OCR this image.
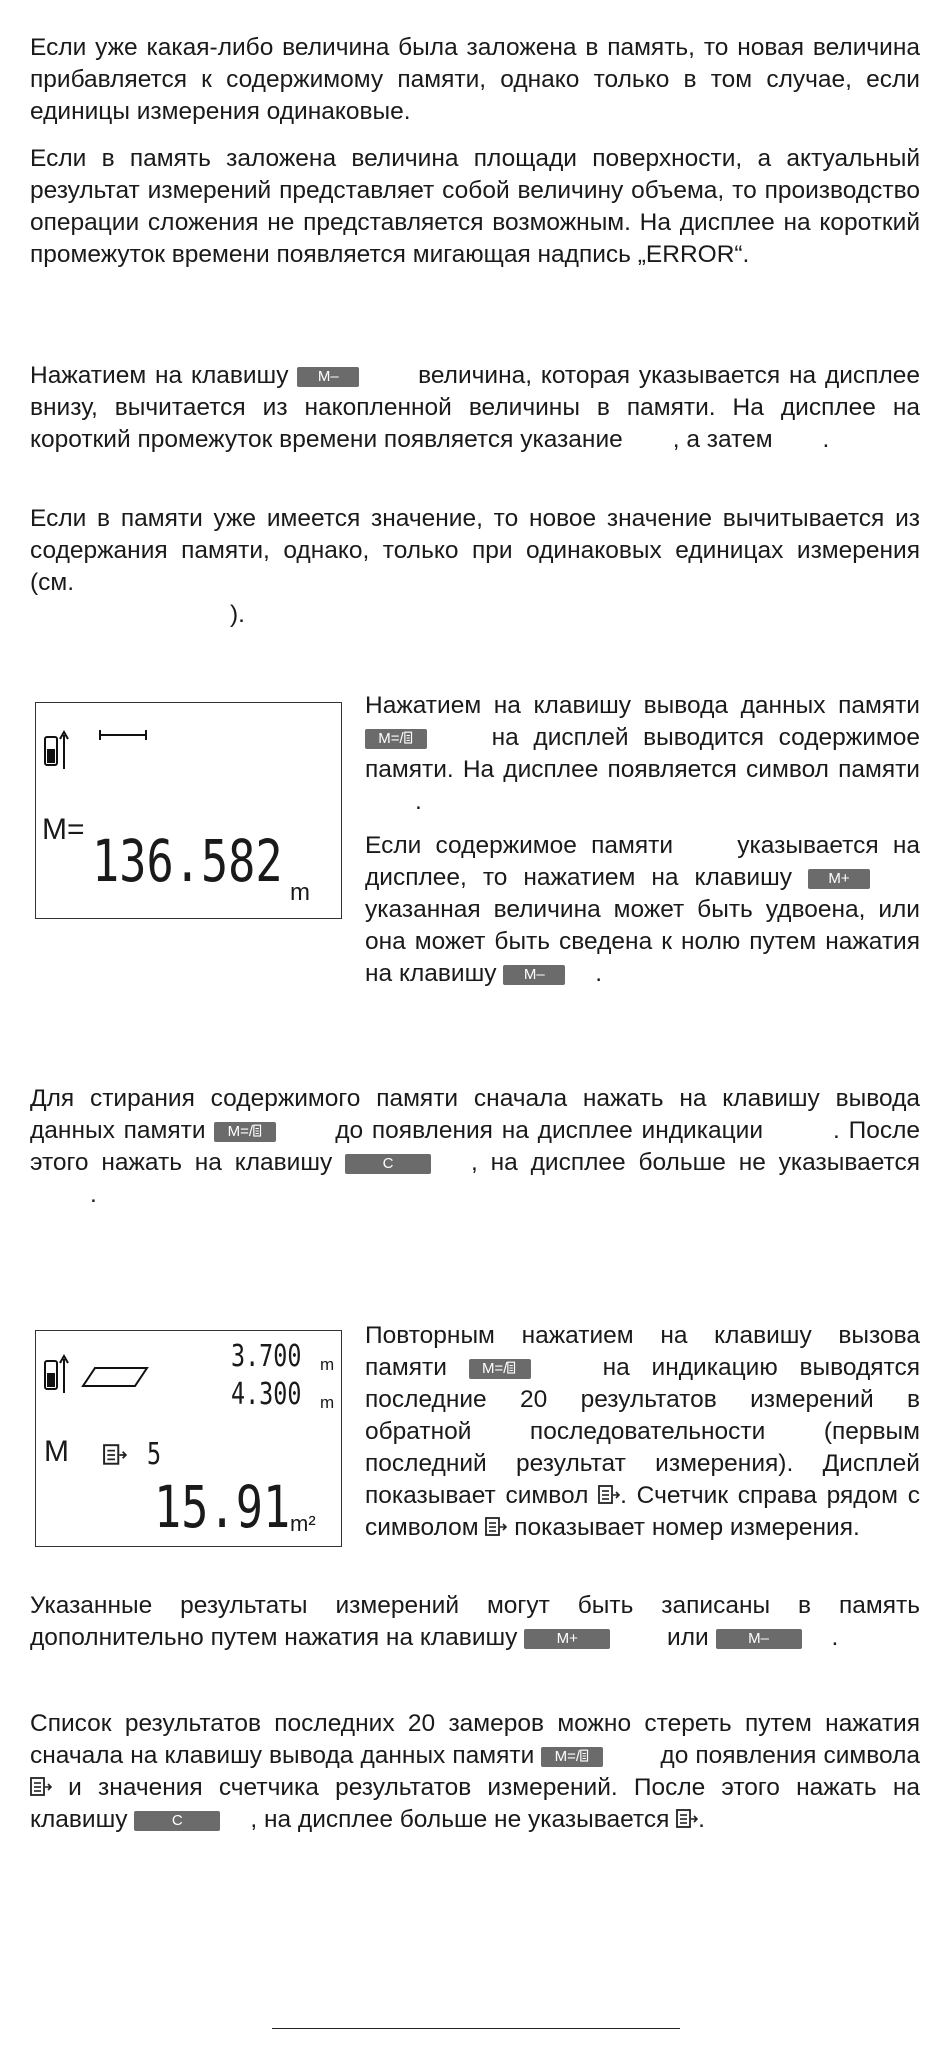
Если уже какая-либо величина была заложена в память, то новая величина прибавляется к содержимому памяти, однако только в том случае, если единицы измерения одинаковые.

Если в память заложена величина площади поверхности, а актуальный результат измерений представляет собой величину объема, то производство операции сложения не представляется возможным. На дисплее на короткий промежуток времени появляется мигающая надпись „ERROR“.

Нажатием на клавишу M–	величина, которая указывается на дисплее внизу, вычитается из накопленной величины в памяти. На дисплее на короткий промежуток времени появляется указание , а затем .

Если в памяти уже имеется значение, то новое значение вычитывается из содержания памяти, однако, только при одинаковых единицах измерения (см.
).

M= 136.582 m

Нажатием на клавишу вывода данных памяти M=/	на дисплей выводится содержимое памяти. На дисплее появляется символ памяти.

Если содержимое памяти	указывается на дисплее, то нажатием на клавишу M+ указанная величина может быть удвоена, или она может быть сведена к нолю путем нажатия на клавишу M– .

Для стирания содержимого памяти сначала нажать на клавишу вывода данных памяти M=/	до появления на дисплее индикации	. После этого нажать на клавишу	C	, на дисплее больше не указывается.

3.700 m
4.300 m
M	5
15.91 m²

Повторным нажатием на клавишу вызова памяти M=/	на индикацию выводятся последние 20 результатов измерений в обратной последовательности (первым последний результат измерения). Дисплей показывает символ . Счетчик справа рядом с символом показывает номер измерения.

Указанные результаты измерений могут быть записаны в память дополнительно путем нажатия на клавишу	M+	или	M–	.

Список результатов последних 20 замеров можно стереть путем нажатия сначала на клавишу вывода данных памяти M=/	до появления символа  и значения счетчика результатов измерений. После этого нажать на клавишу	C	, на дисплее больше не указывается .
